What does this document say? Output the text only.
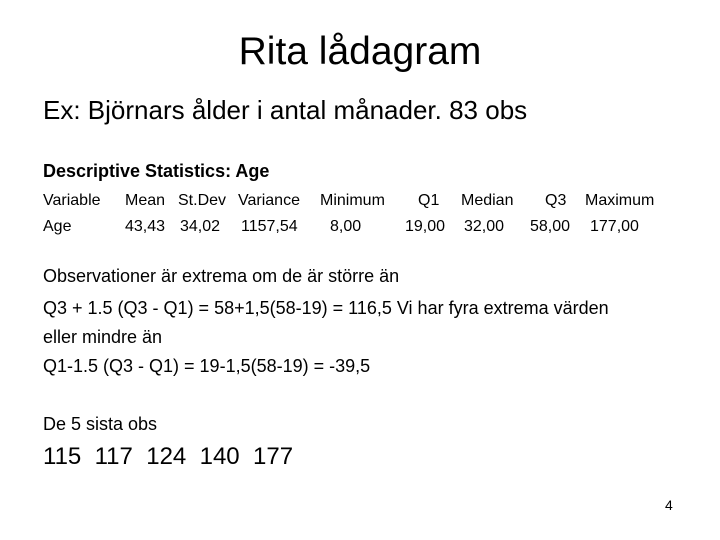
Rita lådagram
Ex: Björnars ålder i antal månader. 83 obs
Descriptive Statistics: Age
Variable Mean St.Dev Variance Minimum Q1 Median Q3 Maximum
Age	43,43 34,02 1157,54 8,00	19,00 32,00 58,00 177,00
Observationer är extrema om de är större än
Q3 + 1.5 (Q3 - Q1) = 58+1,5(58-19) = 116,5 Vi har fyra extrema värden
eller mindre än
Q1-1.5 (Q3 - Q1) = 19-1,5(58-19) = -39,5
De 5 sista obs
115 117 124 140 177
4
